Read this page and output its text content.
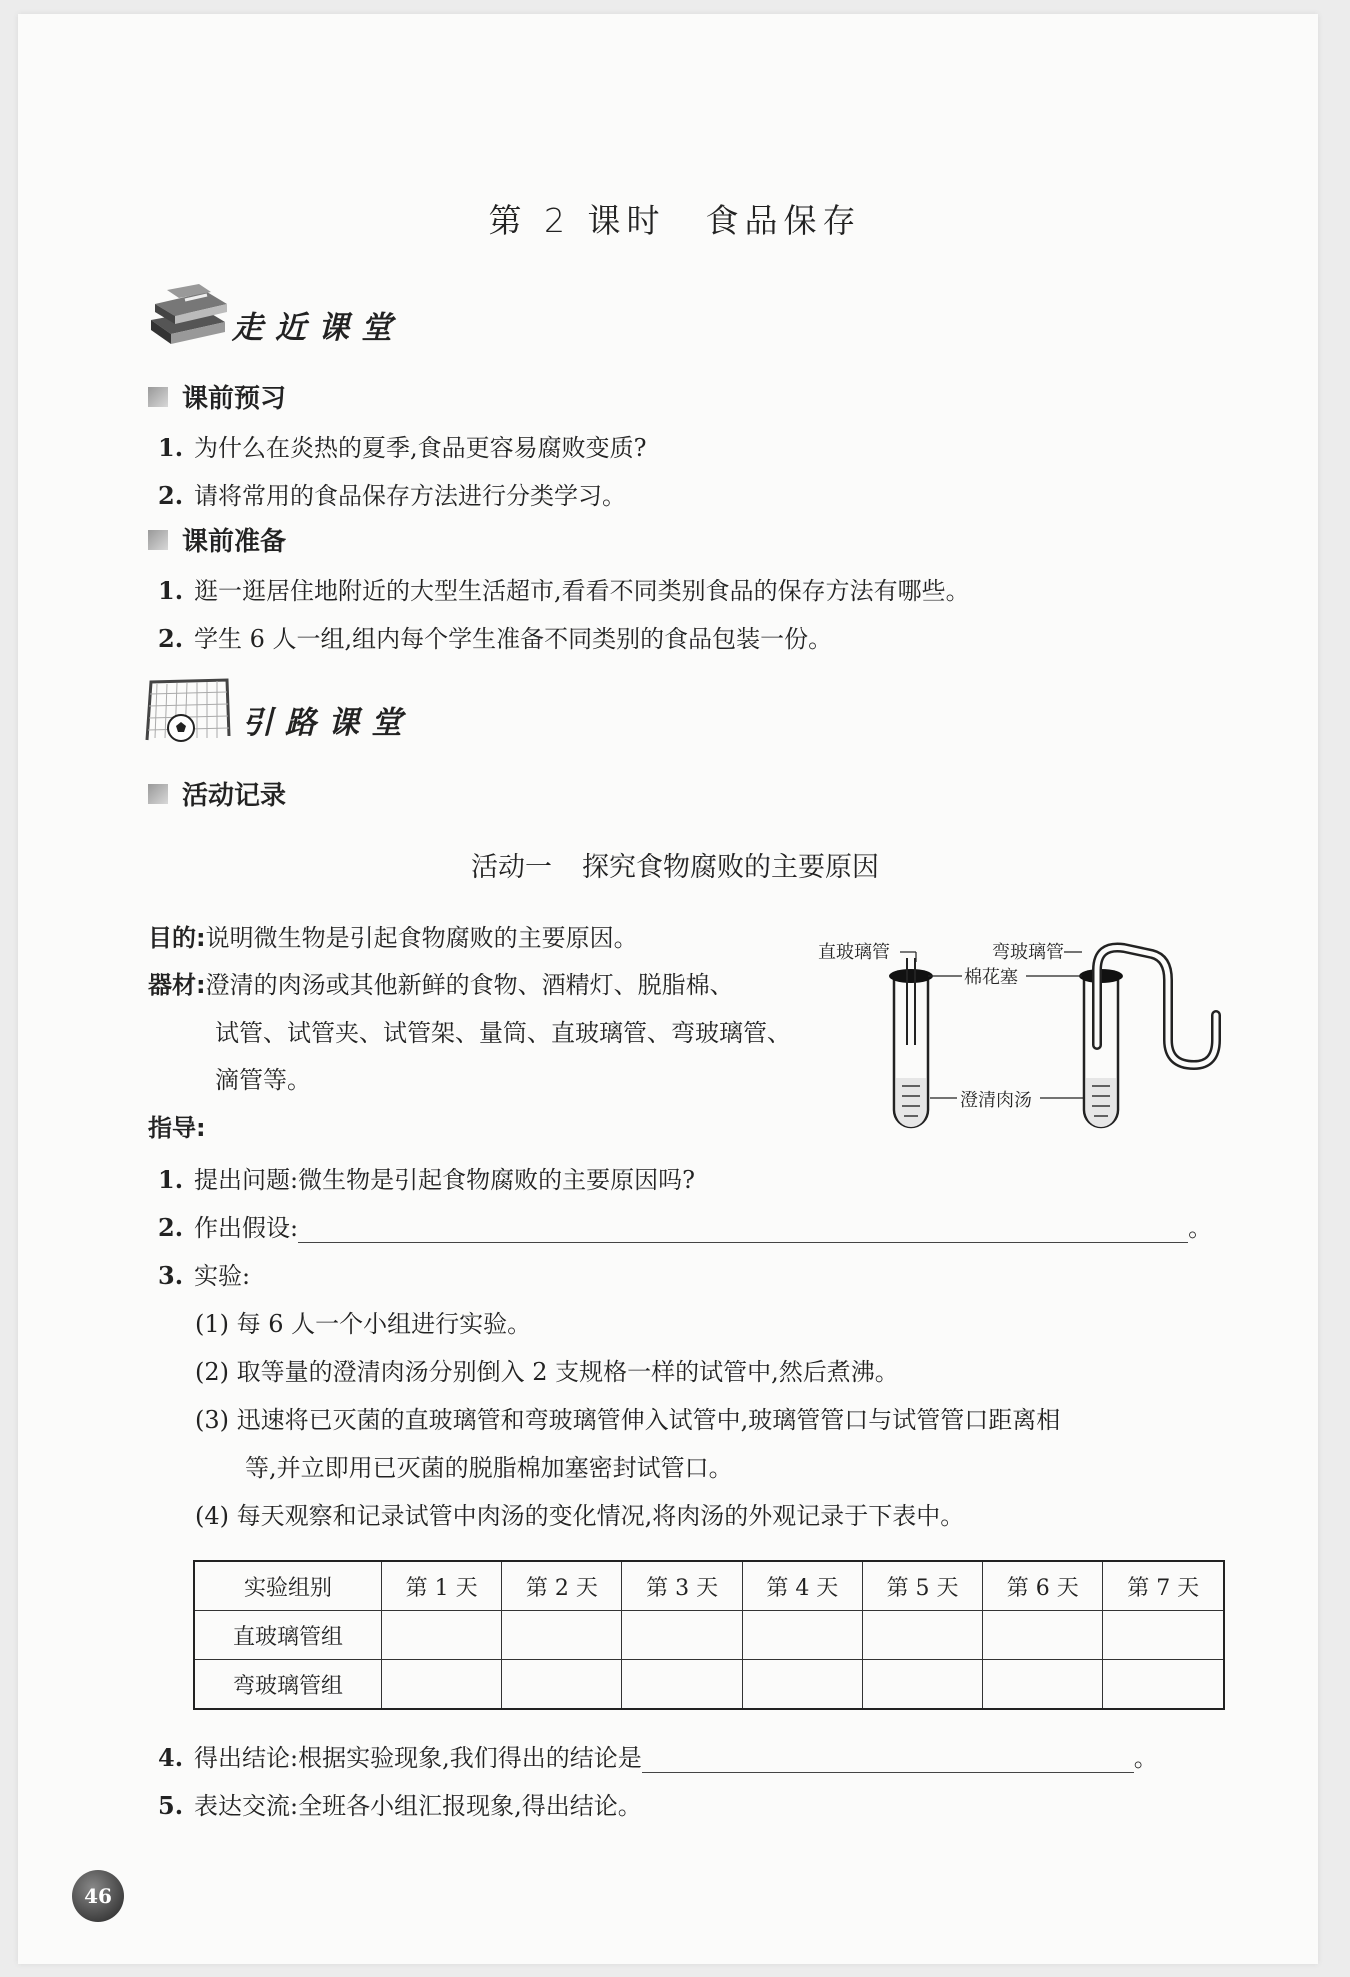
第 2 课时 食品保存
走近课堂
课前预习
1. 为什么在炎热的夏季,食品更容易腐败变质?
2. 请将常用的食品保存方法进行分类学习。
课前准备
1. 逛一逛居住地附近的大型生活超市,看看不同类别食品的保存方法有哪些。
2. 学生 6 人一组,组内每个学生准备不同类别的食品包装一份。
引路课堂
活动记录
活动一 探究食物腐败的主要原因
目的:说明微生物是引起食物腐败的主要原因。
器材:澄清的肉汤或其他新鲜的食物、酒精灯、脱脂棉、
试管、试管夹、试管架、量筒、直玻璃管、弯玻璃管、
滴管等。
指导:
直玻璃管	弯玻璃管
棉花塞
澄清肉汤
1. 提出问题:微生物是引起食物腐败的主要原因吗?
2. 作出假设:	。
3. 实验:
(1) 每 6 人一个小组进行实验。
(2) 取等量的澄清肉汤分别倒入 2 支规格一样的试管中,然后煮沸。
(3) 迅速将已灭菌的直玻璃管和弯玻璃管伸入试管中,玻璃管管口与试管管口距离相
等,并立即用已灭菌的脱脂棉加塞密封试管口。
(4) 每天观察和记录试管中肉汤的变化情况,将肉汤的外观记录于下表中。
实验组别	第 1 天	第 2 天	第 3 天	第 4 天	第 5 天	第 6 天	第 7 天
直玻璃管组							
弯玻璃管组							
4. 得出结论:根据实验现象,我们得出的结论是	。
5. 表达交流:全班各小组汇报现象,得出结论。
46
